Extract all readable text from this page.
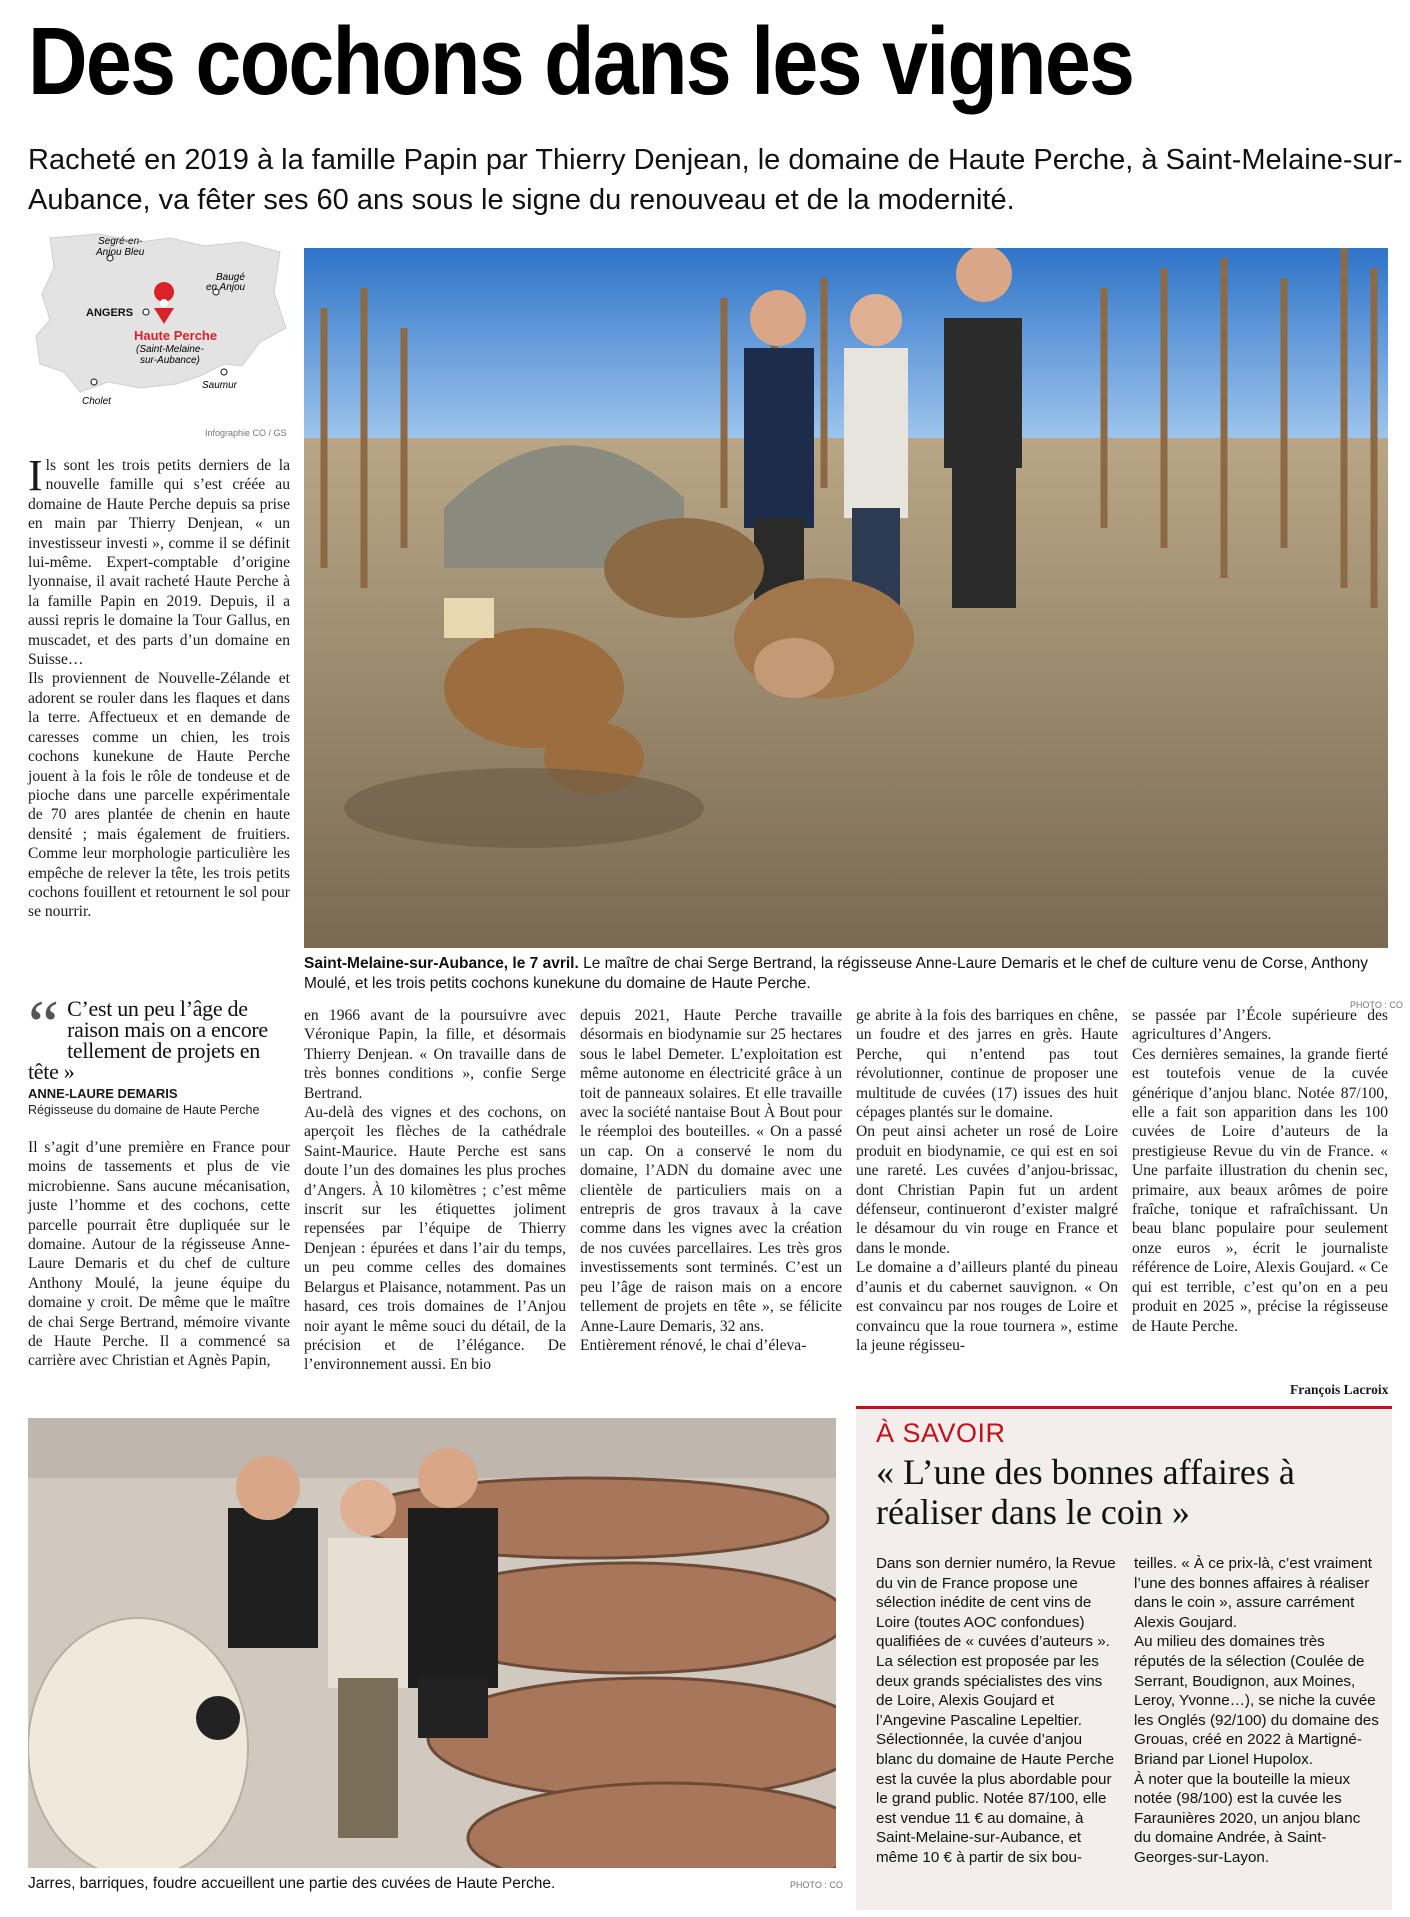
Des cochons dans les vignes

Racheté en 2019 à la famille Papin par Thierry Denjean, le domaine de Haute Perche, à Saint-Melaine-sur-Aubance, va fêter ses 60 ans sous le signe du renouveau et de la modernité.

Segré-en-
Anjou Bleu
ANGERS
Baugé
en Anjou
Haute Perche
(Saint-Melaine-
sur-Aubance)
Saumur
Cholet
Infographie CO / GS

Ils sont les trois petits derniers de la nouvelle famille qui s’est créée au domaine de Haute Perche depuis sa prise en main par Thierry Denjean, « un investisseur investi », comme il se définit lui-même. Expert-comptable d’origine lyonnaise, il avait racheté Haute Perche à la famille Papin en 2019. Depuis, il a aussi repris le domaine la Tour Gallus, en muscadet, et des parts d’un domaine en Suisse…

Ils proviennent de Nouvelle-Zélande et adorent se rouler dans les flaques et dans la terre. Affectueux et en demande de caresses comme un chien, les trois cochons kunekune de Haute Perche jouent à la fois le rôle de tondeuse et de pioche dans une parcelle expérimentale de 70 ares plantée de chenin en haute densité ; mais également de fruitiers. Comme leur morphologie particulière les empêche de relever la tête, les trois petits cochons fouillent et retournent le sol pour se nourrir.

Saint-Melaine-sur-Aubance, le 7 avril. Le maître de chai Serge Bertrand, la régisseuse Anne-Laure Demaris et le chef de culture venu de Corse, Anthony Moulé, et les trois petits cochons kunekune du domaine de Haute Perche.
PHOTO : CO
“ C’est un peu l’âge de raison mais on a encore tellement de projets en tête »
ANNE-LAURE DEMARIS
Régisseuse du domaine de Haute Perche
Il s’agit d’une première en France pour moins de tassements et plus de vie microbienne. Sans aucune mécanisation, juste l’homme et des cochons, cette parcelle pourrait être dupliquée sur le domaine. Autour de la régisseuse Anne-Laure Demaris et du chef de culture Anthony Moulé, la jeune équipe du domaine y croit. De même que le maître de chai Serge Bertrand, mémoire vivante de Haute Perche. Il a commencé sa carrière avec Christian et Agnès Papin,

en 1966 avant de la poursuivre avec Véronique Papin, la fille, et désormais Thierry Denjean. « On travaille dans de très bonnes conditions », confie Serge Bertrand.

Au-delà des vignes et des cochons, on aperçoit les flèches de la cathédrale Saint-Maurice. Haute Perche est sans doute l’un des domaines les plus proches d’Angers. À 10 kilomètres ; c’est même inscrit sur les étiquettes joliment repensées par l’équipe de Thierry Denjean : épurées et dans l’air du temps, un peu comme celles des domaines Belargus et Plaisance, notamment. Pas un hasard, ces trois domaines de l’Anjou noir ayant le même souci du détail, de la précision et de l’élégance. De l’environnement aussi. En bio

depuis 2021, Haute Perche travaille désormais en biodynamie sur 25 hectares sous le label Demeter. L’exploitation est même autonome en électricité grâce à un toit de panneaux solaires. Et elle travaille avec la société nantaise Bout À Bout pour le réemploi des bouteilles. « On a passé un cap. On a conservé le nom du domaine, l’ADN du domaine avec une clientèle de particuliers mais on a entrepris de gros travaux à la cave comme dans les vignes avec la création de nos cuvées parcellaires. Les très gros investissements sont terminés. C’est un peu l’âge de raison mais on a encore tellement de projets en tête », se félicite Anne-Laure Demaris, 32 ans.

Entièrement rénové, le chai d’éleva-

ge abrite à la fois des barriques en chêne, un foudre et des jarres en grès. Haute Perche, qui n’entend pas tout révolutionner, continue de proposer une multitude de cuvées (17) issues des huit cépages plantés sur le domaine.

On peut ainsi acheter un rosé de Loire produit en biodynamie, ce qui est en soi une rareté. Les cuvées d’anjou-brissac, dont Christian Papin fut un ardent défenseur, continueront d’exister malgré le désamour du vin rouge en France et dans le monde.

Le domaine a d’ailleurs planté du pineau d’aunis et du cabernet sauvignon. « On est convaincu par nos rouges de Loire et convaincu que la roue tournera », estime la jeune régisseu-

se passée par l’École supérieure des agricultures d’Angers.

Ces dernières semaines, la grande fierté est toutefois venue de la cuvée générique d’anjou blanc. Notée 87/100, elle a fait son apparition dans les 100 cuvées de Loire d’auteurs de la prestigieuse Revue du vin de France. « Une parfaite illustration du chenin sec, primaire, aux beaux arômes de poire fraîche, tonique et rafraîchissant. Un beau blanc populaire pour seulement onze euros », écrit le journaliste référence de Loire, Alexis Goujard. « Ce qui est terrible, c’est qu’on en a peu produit en 2025 », précise la régisseuse de Haute Perche.

François Lacroix
Jarres, barriques, foudre accueillent une partie des cuvées de Haute Perche.	PHOTO : CO
À SAVOIR
« L’une des bonnes affaires à réaliser dans le coin »
Dans son dernier numéro, la Revue du vin de France propose une sélection inédite de cent vins de Loire (toutes AOC confondues) qualifiées de « cuvées d’auteurs ». La sélection est proposée par les deux grands spécialistes des vins de Loire, Alexis Goujard et l’Angevine Pascaline Lepeltier. Sélectionnée, la cuvée d’anjou blanc du domaine de Haute Perche est la cuvée la plus abordable pour le grand public. Notée 87/100, elle est vendue 11 € au domaine, à Saint-Melaine-sur-Aubance, et même 10 € à partir de six bou-

teilles. « À ce prix-là, c’est vraiment l’une des bonnes affaires à réaliser dans le coin », assure carrément Alexis Goujard.

Au milieu des domaines très réputés de la sélection (Coulée de Serrant, Boudignon, aux Moines, Leroy, Yvonne…), se niche la cuvée les Onglés (92/100) du domaine des Grouas, créé en 2022 à Martigné-Briand par Lionel Hupolox.

À noter que la bouteille la mieux notée (98/100) est la cuvée les Faraunières 2020, un anjou blanc du domaine Andrée, à Saint-Georges-sur-Layon.
